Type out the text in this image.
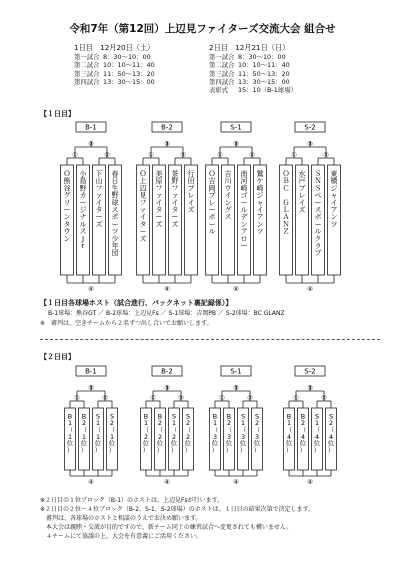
令和7年（第12回）上辺見ファイターズ交流大会 組合せ
1日目　12月20日（土）
第一試合 8：30～10：00
第二試合 10：10～11：40
第三試合 11：50～13：20
第四試合 13：30～15：00
2日目　12月21日（日）
第一試合 8：30～10：00
第二試合 10：10～11：40
第三試合 11：50～13：20
第四試合 13：30～15：00
表彰式 15：10（B-1球場）
【１日目】
B-1
③
①	②
Ｏ
熊
谷
グ
リ
ー
ン
タ
ウ
ン
小
島
野
カ
ー
ジ
ナ
ル
ス
J
r
下
山
フ
ァ
イ
タ
ー
ズ
春
日
生
野
球
ス
ポ
ー
ツ
少
年
団
④
B-2
③
①	②
Ｏ
上
辺
見
フ
ァ
イ
タ
ー
ズ
美
原
フ
ァ
イ
タ
ー
ズ
茶
野
フ
ァ
イ
タ
ー
ズ
行
田
ブ
レ
イ
ズ
④
S-1
③
①	②
Ｏ
吉
岡
ブ
レ
ー
ボ
ー
ル
吉
川
ウ
イ
ン
グ
ス
南
河
崎
ゴ
ー
ル
デ
ン
ア
ロ
ー
鷲
ケ
崎
ジ
ャ
イ
ア
ン
ツ
④
S-2
③
①	②
Ｏ
Ｂ
Ｃ

Ｇ
Ｌ
Ａ
Ｎ
Ｚ
水
戸
ブ
レ
イ
ズ
Ｓ
Ｎ
Ｓ
ベ
ー
ス
ボ
ー
ル
ク
ラ
ブ
東
横
ジ
ャ
イ
ア
ン
ツ
④
B-1
③
①	②
B
1
（
1
位
）
B
2
（
1
位
）
S
1
（
1
位
）
S
2
（
1
位
）
④
B-2
③
①	②
B
1
（
2
位
）
B
2
（
2
位
）
S
1
（
2
位
）
S
2
（
2
位
）
④
S-1
③
①	②
B
1
（
3
位
）
B
2
（
3
位
）
S
1
（
3
位
）
S
2
（
3
位
）
④
S-2
③
①	②
B
1
（
4
位
）
B
2
（
4
位
）
S
1
（
4
位
）
S
2
（
4
位
）
④
【１日目各球場ホスト（試合進行、バックネット裏記録係）】
B-1球場：熊谷GT ／ B-2球場：上辺見Fs ／ S-1球場：吉岡PB ／ S-2球場：BC GLANZ
※　審判は、空きチームから２名ずつ出し合いでお願いします。
【２日目】
※２日目の１位ブロック（B-1）のホストは、上辺見Fsが行います。
※２日目の２位～４位ブロック（B-2、S-1、S-2球場）のホストは、１日目の結果次第で決定します。
　審判は、各球場のホストと相談のうえでお決め願います。
　本大会は親睦・交流が目的ですので、新チーム同士の練習試合へ変更されても構いません。
　４チームにて協議の上、大会を有意義にご活用ください。
